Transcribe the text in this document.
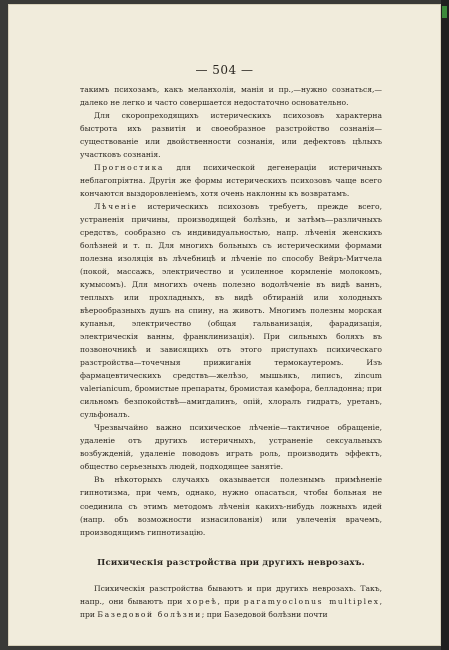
— 504 —

такимъ психозамъ, какъ меланхолія, манія и пр.,—нужно сознаться,—далеко не легко и часто совершается недостаточно основательно.

Для скоропреходящихъ истерическихъ психозовъ характерна быстрота ихъ развитія и своеобразное разстройство сознанія—существованіе или двойственности сознанія, или дефектовъ цѣлыхъ участковъ сознанія.

Прогностика для психической дегенераціи истеричныхъ неблагопріятна. Другія же формы истерическихъ психозовъ чаще всего кончаются выздоровленіемъ, хотя очень наклонны къ возвратамъ.

Лѣченіе истерическихъ психозовъ требуетъ, прежде всего, устраненія причины, производящей болѣзнь, и затѣмъ—различныхъ средствъ, сообразно съ индивидуальностью, напр. лѣченія женскихъ болѣзней и т. п. Для многихъ больныхъ съ истерическими формами полезна изоляція въ лѣчебницѣ и лѣченіе по способу Вейръ-Митчела (покой, массажъ, электричество и усиленное кормленіе молокомъ, кумысомъ). Для многихъ очень полезно водолѣченіе въ видѣ ваннъ, теплыхъ или прохладныхъ, въ видѣ обтираній или холодныхъ вѣерообразныхъ душъ на спину, на животъ. Многимъ полезны морская купанья, электричество (общая гальванизація, фарадизація, электрическія ванны, франклинизація). При сильныхъ боляхъ въ позвоночникѣ и зависящихъ отъ этого приступахъ психическаго разстройства—точечныя прижиганія термокаутеромъ. Изъ фармацевтическихъ средствъ—желѣзо, мышьякъ, липисъ, zincum valerianicum, бромистые препараты, бромистая камфора, белладонна; при сильномъ безпокойствѣ—амигдалинъ, опій, хлоралъ гидратъ, уретанъ, сульфоналъ.

Чрезвычайно важно психическое лѣченіе—тактичное обращеніе, удаленіе отъ другихъ истеричныхъ, устраненіе сексуальныхъ возбужденій, удаленіе поводовъ играть роль, производить эффектъ, общество серьезныхъ людей, подходящее занятіе.

Въ нѣкоторыхъ случаяхъ оказывается полезнымъ примѣненіе гипнотизма, при чемъ, однако, нужно опасаться, чтобы больная не соединила съ этимъ методомъ лѣченія какихъ-нибудь ложныхъ идей (напр. объ возможности изнасилованія) или увлеченія врачемъ, производящимъ гипнотизацію.

Психическія разстройства при другихъ неврозахъ.

Психическія разстройства бываютъ и при другихъ неврозахъ. Такъ, напр., они бываютъ при хореѣ, при paramyoclonus multiplex, при Базедовой болѣзни; при Базедовой болѣзни почти
